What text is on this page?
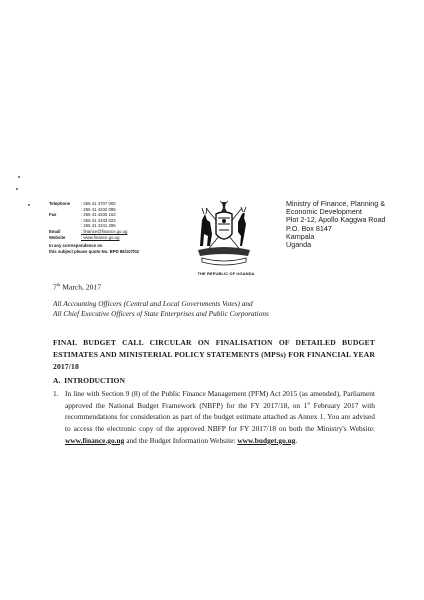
Telephone	: 256 41 4707 000
: 256 41 4232 095
Fax	: 256 41 4230 163
: 256 41 4343 023
: 256 41 4341 286
Email	: finance@finance.go.ug
Website	: www.finance.go.ug
In any correspondence on
this subject please quote No. BPD 86/107/02
THE REPUBLIC OF UGANDA
Ministry of Finance, Planning &
Economic Development
Plot 2-12, Apollo Kaggwa Road
P.O. Box 8147
Kampala
Uganda
7th March, 2017
All Accounting Officers (Central and Local Governments Votes) and
All Chief Executive Officers of State Enterprises and Public Corporations
FINAL BUDGET CALL CIRCULAR ON FINALISATION OF DETAILED BUDGET ESTIMATES AND MINISTERIAL POLICY STATEMENTS (MPSs) FOR FINANCIAL YEAR 2017/18
A.  INTRODUCTION
1. In line with Section 9 (8) of the Public Finance Management (PFM) Act 2015 (as amended), Parliament approved the National Budget Framework (NBFP) for the FY 2017/18, on 1st February 2017 with recommendations for consideration as part of the budget estimate attached as Annex 1. You are advised to access the electronic copy of the approved NBFP for FY 2017/18 on both the Ministry's Website: www.finance.go.ug and the Budget Information Website: www.budget.go.ug.
